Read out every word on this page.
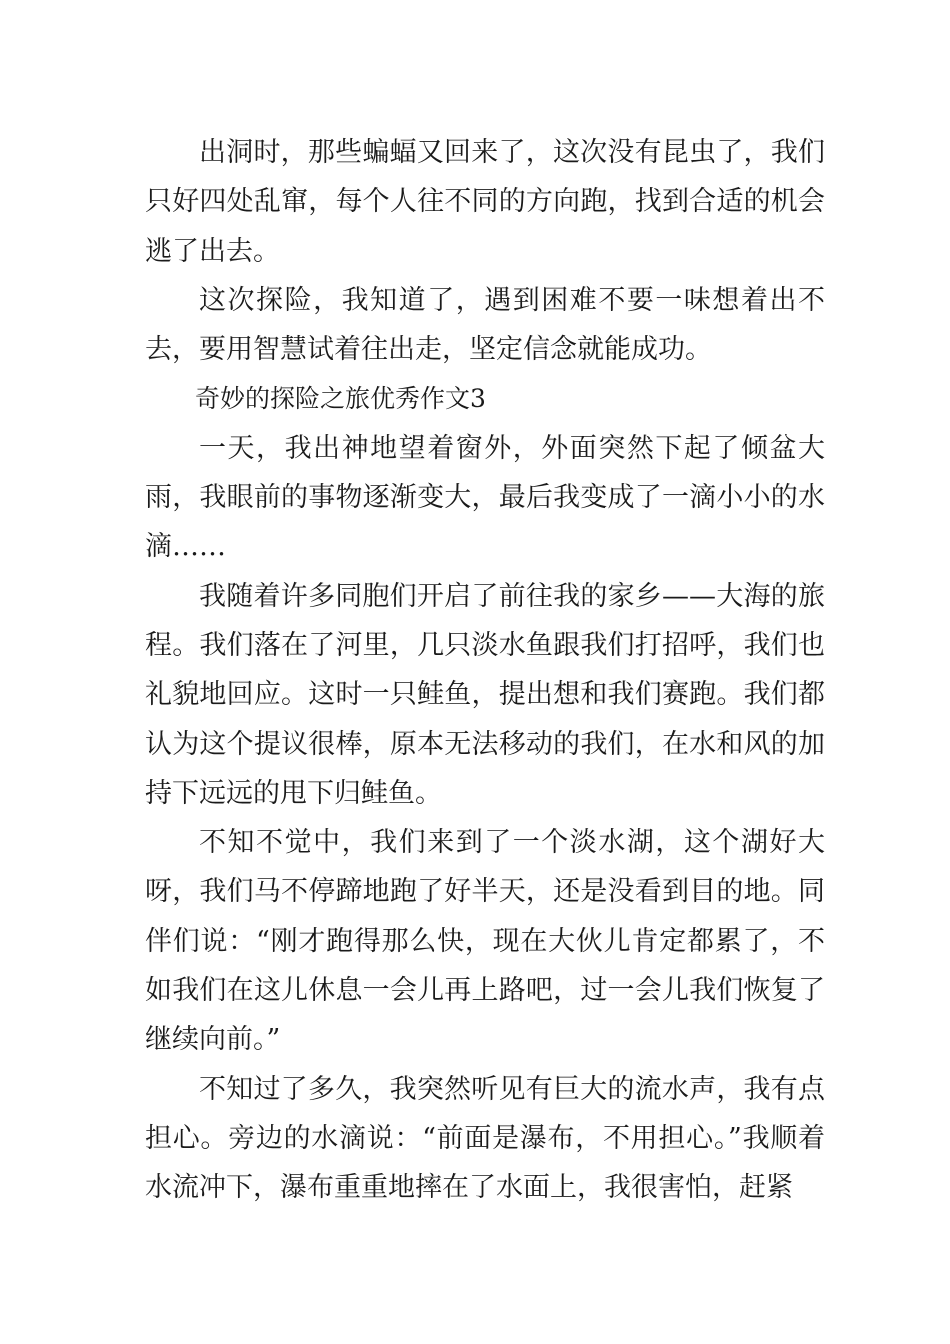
出洞时，那些蝙蝠又回来了，这次没有昆虫了，我们只好四处乱窜，每个人往不同的方向跑，找到合适的机会逃了出去。

这次探险，我知道了，遇到困难不要一味想着出不去，要用智慧试着往出走，坚定信念就能成功。

奇妙的探险之旅优秀作文3

一天，我出神地望着窗外，外面突然下起了倾盆大雨，我眼前的事物逐渐变大，最后我变成了一滴小小的水滴……

我随着许多同胞们开启了前往我的家乡——大海的旅程。我们落在了河里，几只淡水鱼跟我们打招呼，我们也礼貌地回应。这时一只鲑鱼，提出想和我们赛跑。我们都认为这个提议很棒，原本无法移动的我们，在水和风的加持下远远的甩下归鲑鱼。

不知不觉中，我们来到了一个淡水湖，这个湖好大呀，我们马不停蹄地跑了好半天，还是没看到目的地。同伴们说：“刚才跑得那么快，现在大伙儿肯定都累了，不如我们在这儿休息一会儿再上路吧，过一会儿我们恢复了继续向前。”

不知过了多久，我突然听见有巨大的流水声，我有点担心。旁边的水滴说：“前面是瀑布，不用担心。”我顺着水流冲下，瀑布重重地摔在了水面上，我很害怕，赶紧
